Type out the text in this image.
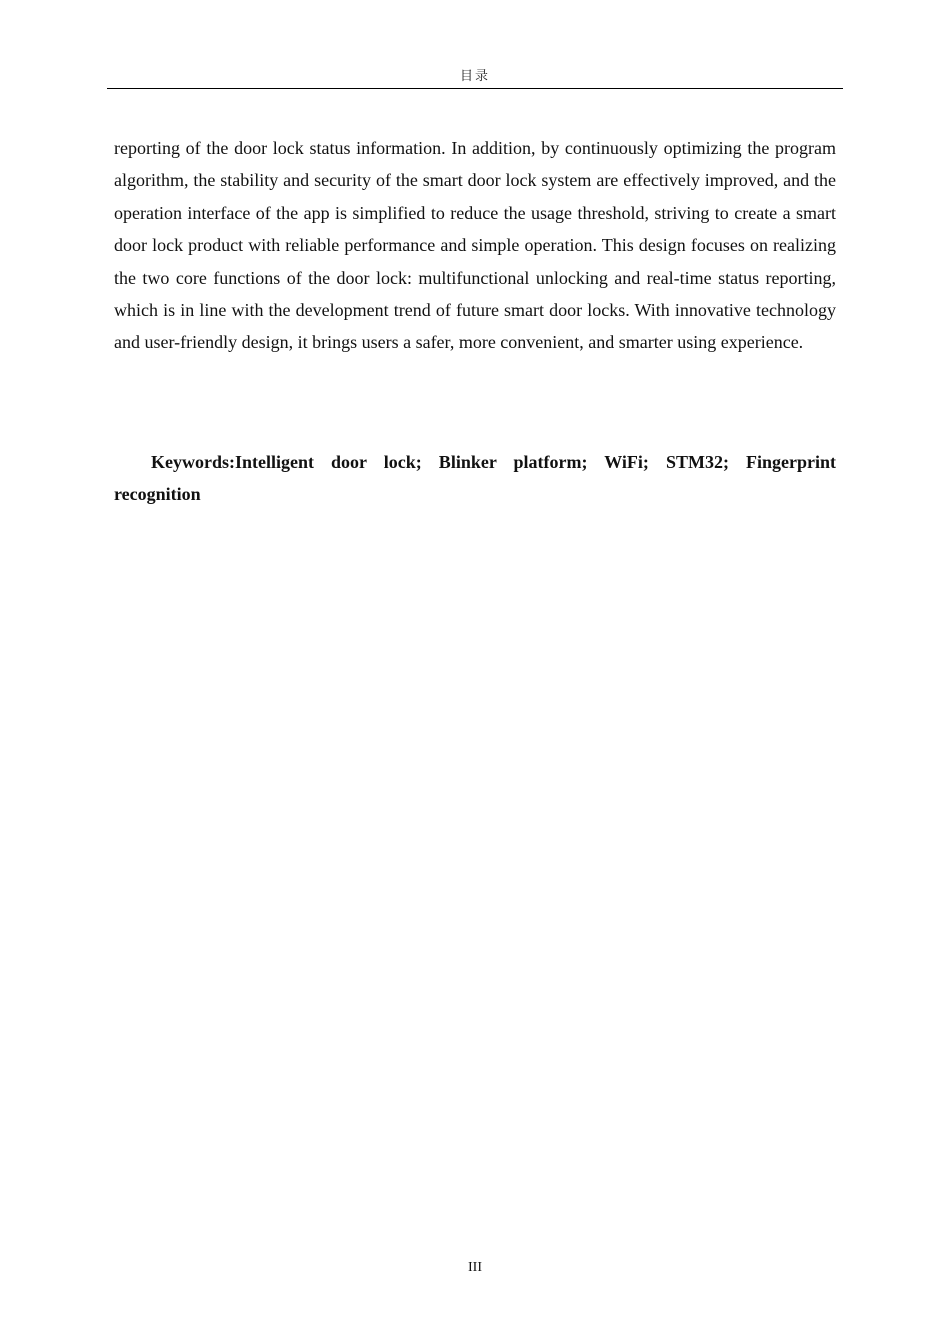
目录

reporting of the door lock status information. In addition, by continuously optimizing the program algorithm, the stability and security of the smart door lock system are effectively improved, and the operation interface of the app is simplified to reduce the usage threshold, striving to create a smart door lock product with reliable performance and simple operation. This design focuses on realizing the two core functions of the door lock: multifunctional unlocking and real-time status reporting, which is in line with the development trend of future smart door locks. With innovative technology and user-friendly design, it brings users a safer, more convenient, and smarter using experience.

Keywords:Intelligent door lock; Blinker platform; WiFi; STM32; Fingerprint recognition

III
